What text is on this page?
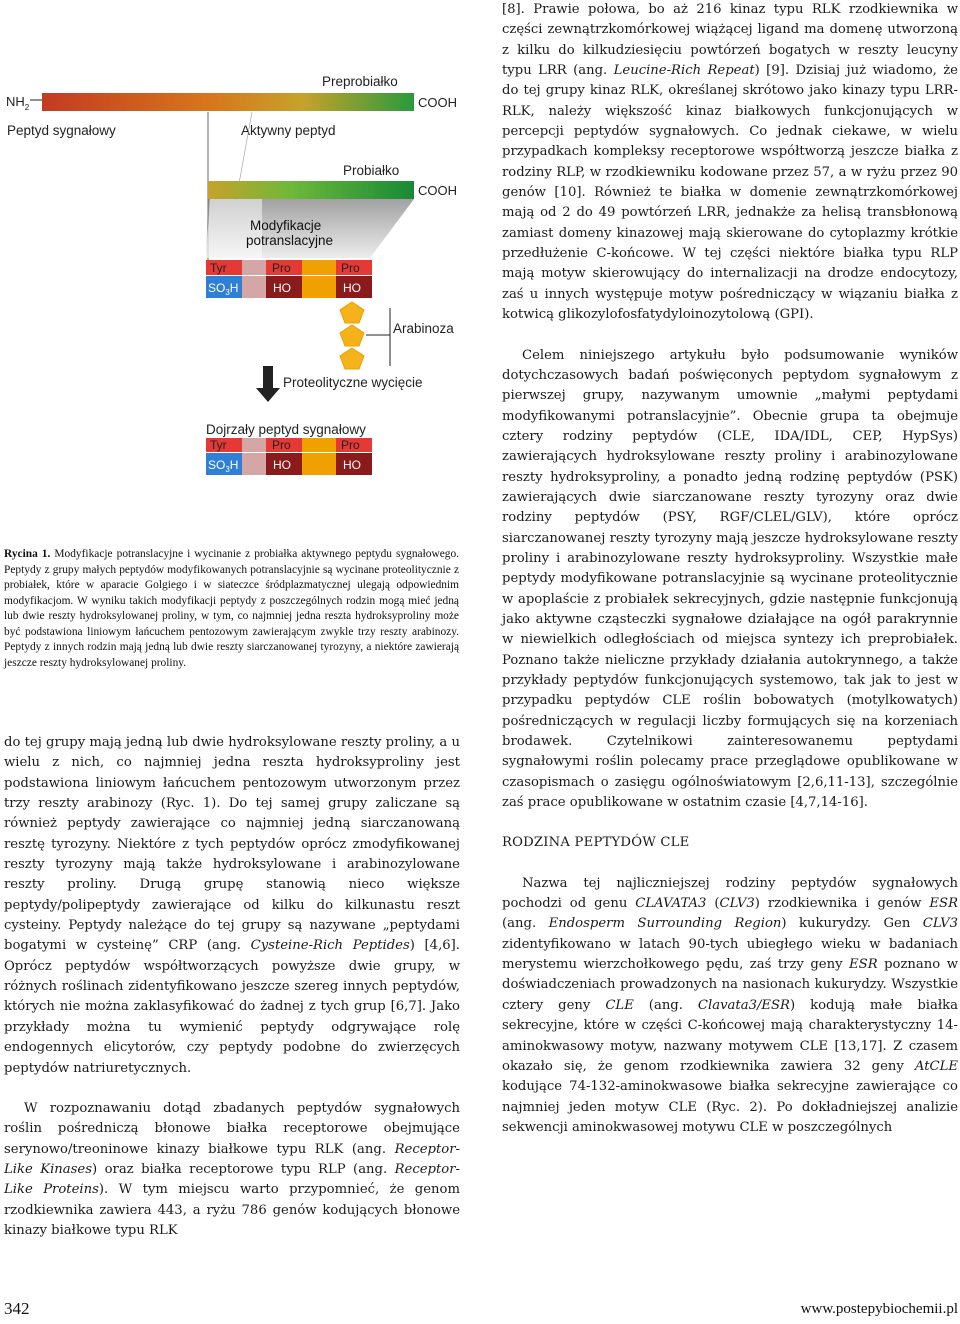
$NH_2$	COOH
Preprobiałko
Peptyd sygnałowy	Aktywny peptyd
Probiałko
COOH
Modyfikacje
potranslacyjne
Tyr	Pro	Pro
$SO_3H$	HO	HO
Arabinoza
Proteolityczne wycięcie
Dojrzały peptyd sygnałowy
Tyr	Pro	Pro
$SO_3H$	HO	HO

Rycina 1. Modyfikacje potranslacyjne i wycinanie z probiałka aktywnego peptydu sygnałowego. Peptydy z grupy małych peptydów modyfikowanych potranslacyjnie są wycinane proteolitycznie z probiałek, które w aparacie Golgiego i w siateczce śródplazmatycznej ulegają odpowiednim modyfikacjom. W wyniku takich modyfikacji peptydy z poszczególnych rodzin mogą mieć jedną lub dwie reszty hydroksylowanej proliny, w tym, co najmniej jedna reszta hydroksyproliny może być podstawiona liniowym łańcuchem pentozowym zawierającym zwykle trzy reszty arabinozy. Peptydy z innych rodzin mają jedną lub dwie reszty siarczanowanej tyrozyny, a niektóre zawierają jeszcze reszty hydroksylowanej proliny.

do tej grupy mają jedną lub dwie hydroksylowane reszty proliny, a u wielu z nich, co najmniej jedna reszta hydroksyproliny jest podstawiona liniowym łańcuchem pentozowym utworzonym przez trzy reszty arabinozy (Ryc. 1). Do tej samej grupy zaliczane są również peptydy zawierające co najmniej jedną siarczanowaną resztę tyrozyny. Niektóre z tych peptydów oprócz zmodyfikowanej reszty tyrozyny mają także hydroksylowane i arabinozylowane reszty proliny. Drugą grupę stanowią nieco większe peptydy/polipeptydy zawierające od kilku do kilkunastu reszt cysteiny. Peptydy należące do tej grupy są nazywane „peptydami bogatymi w cysteinę” CRP (ang. Cysteine-Rich Peptides) [4,6]. Oprócz peptydów współtworzących powyższe dwie grupy, w różnych roślinach zidentyfikowano jeszcze szereg innych peptydów, których nie można zaklasyfikować do żadnej z tych grup [6,7]. Jako przykłady można tu wymienić peptydy odgrywające rolę endogennych elicytorów, czy peptydy podobne do zwierzęcych peptydów natriuretycznych.

W rozpoznawaniu dotąd zbadanych peptydów sygnałowych roślin pośredniczą błonowe białka receptorowe obejmujące serynowo/treoninowe kinazy białkowe typu RLK (ang. Receptor-Like Kinases) oraz białka receptorowe typu RLP (ang. Receptor-Like Proteins). W tym miejscu warto przypomnieć, że genom rzodkiewnika zawiera 443, a ryżu 786 genów kodujących błonowe kinazy białkowe typu RLK

[8]. Prawie połowa, bo aż 216 kinaz typu RLK rzodkiewnika w części zewnątrzkomórkowej wiążącej ligand ma domenę utworzoną z kilku do kilkudziesięciu powtórzeń bogatych w reszty leucyny typu LRR (ang. Leucine-Rich Repeat) [9]. Dzisiaj już wiadomo, że do tej grupy kinaz RLK, określanej skrótowo jako kinazy typu LRR-RLK, należy większość kinaz białkowych funkcjonujących w percepcji peptydów sygnałowych. Co jednak ciekawe, w wielu przypadkach kompleksy receptorowe współtworzą jeszcze białka z rodziny RLP, w rzodkiewniku kodowane przez 57, a w ryżu przez 90 genów [10]. Również te białka w domenie zewnątrzkomórkowej mają od 2 do 49 powtórzeń LRR, jednakże za helisą transbłonową zamiast domeny kinazowej mają skierowane do cytoplazmy krótkie przedłużenie C-końcowe. W tej części niektóre białka typu RLP mają motyw skierowujący do internalizacji na drodze endocytozy, zaś u innych występuje motyw pośredniczący w wiązaniu białka z kotwicą glikozylofosfatydyloinozytolową (GPI).

Celem niniejszego artykułu było podsumowanie wyników dotychczasowych badań poświęconych peptydom sygnałowym z pierwszej grupy, nazywanym umownie „małymi peptydami modyfikowanymi potranslacyjnie”. Obecnie grupa ta obejmuje cztery rodziny peptydów (CLE, IDA/IDL, CEP, HypSys) zawierających hydroksylowane reszty proliny i arabinozylowane reszty hydroksyproliny, a ponadto jedną rodzinę peptydów (PSK) zawierających dwie siarczanowane reszty tyrozyny oraz dwie rodziny peptydów (PSY, RGF/CLEL/GLV), które oprócz siarczanowanej reszty tyrozyny mają jeszcze hydroksylowane reszty proliny i arabinozylowane reszty hydroksyproliny. Wszystkie małe peptydy modyfikowane potranslacyjnie są wycinane proteolitycznie w apoplaście z probiałek sekrecyjnych, gdzie następnie funkcjonują jako aktywne cząsteczki sygnałowe działające na ogół parakrynnie w niewielkich odległościach od miejsca syntezy ich preprobiałek. Poznano także nieliczne przykłady działania autokrynnego, a także przykłady peptydów funkcjonujących systemowo, tak jak to jest w przypadku peptydów CLE roślin bobowatych (motylkowatych) pośredniczących w regulacji liczby formujących się na korzeniach brodawek. Czytelnikowi zainteresowanemu peptydami sygnałowymi roślin polecamy prace przeglądowe opublikowane w czasopismach o zasięgu ogólnoświatowym [2,6,11-13], szczególnie zaś prace opublikowane w ostatnim czasie [4,7,14-16].

RODZINA PEPTYDÓW CLE

Nazwa tej najliczniejszej rodziny peptydów sygnałowych pochodzi od genu CLAVATA3 (CLV3) rzodkiewnika i genów ESR (ang. Endosperm Surrounding Region) kukurydzy. Gen CLV3 zidentyfikowano w latach 90-tych ubiegłego wieku w badaniach merystemu wierzchołkowego pędu, zaś trzy geny ESR poznano w doświadczeniach prowadzonych na nasionach kukurydzy. Wszystkie cztery geny CLE (ang. Clavata3/ESR) kodują małe białka sekrecyjne, które w części C-końcowej mają charakterystyczny 14-aminokwasowy motyw, nazwany motywem CLE [13,17]. Z czasem okazało się, że genom rzodkiewnika zawiera 32 geny AtCLE kodujące 74-132-aminokwasowe białka sekrecyjne zawierające co najmniej jeden motyw CLE (Ryc. 2). Po dokładniejszej analizie sekwencji aminokwasowej motywu CLE w poszczególnych

342	www.postepybiochemii.pl
